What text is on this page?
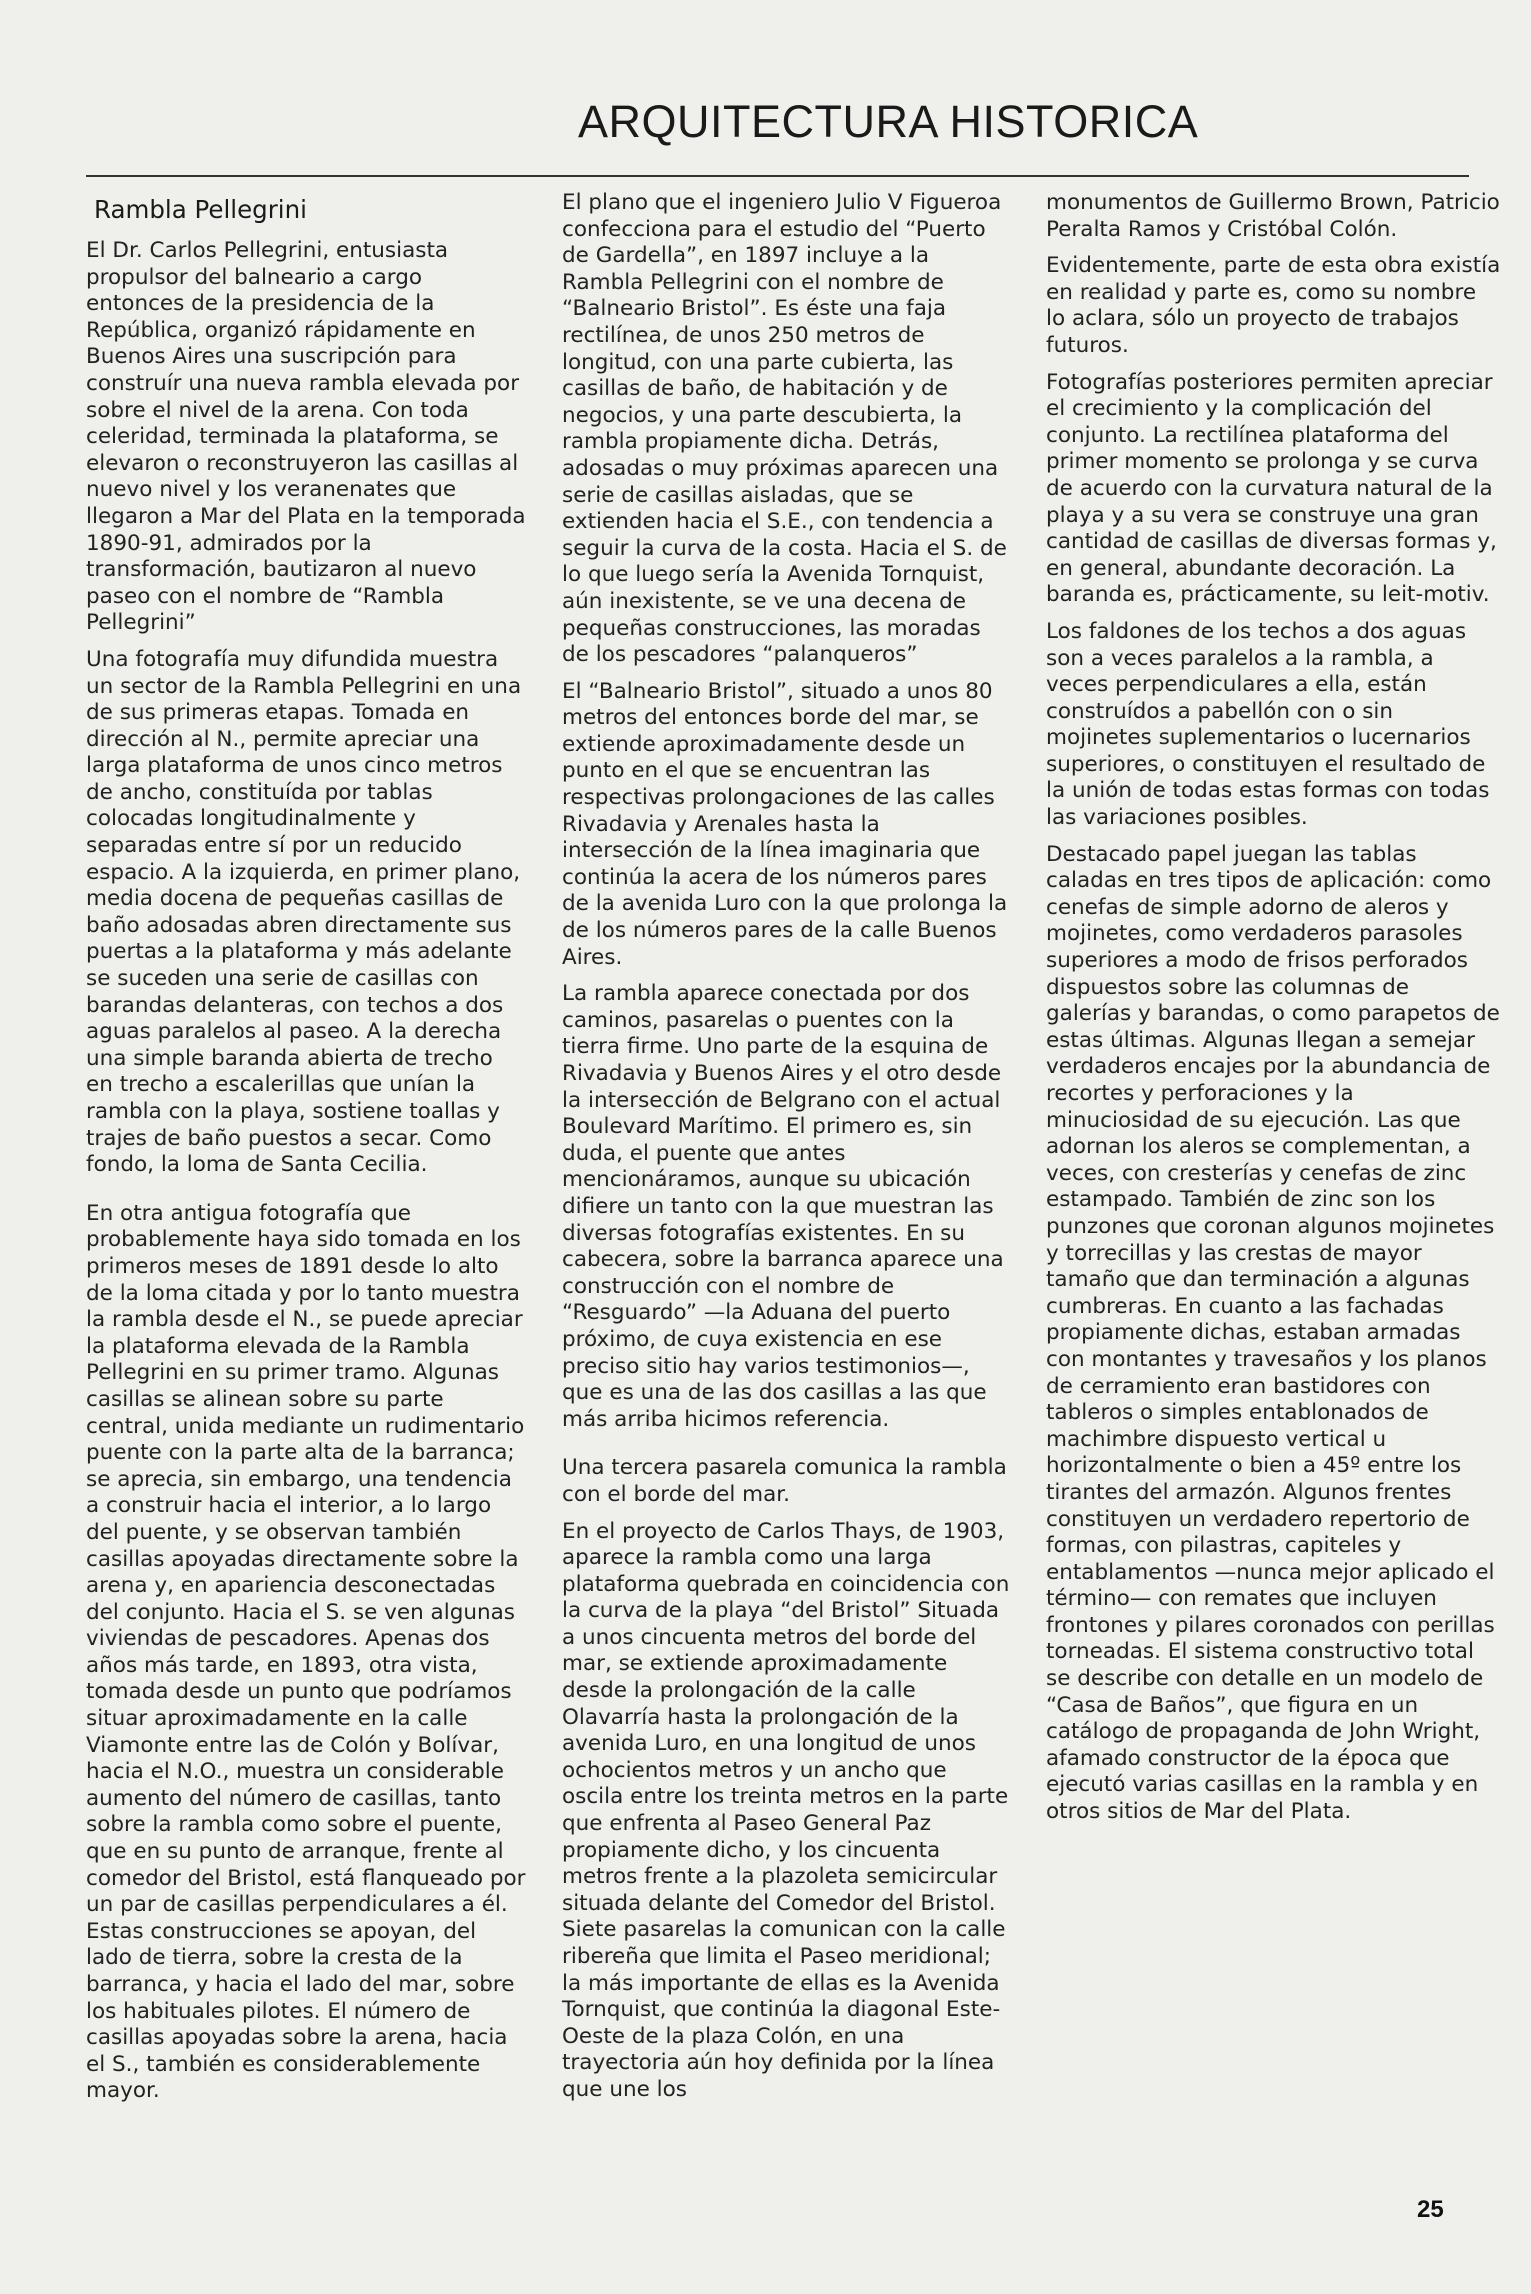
ARQUITECTURA HISTORICA
Rambla Pellegrini

El Dr. Carlos Pellegrini, entusiasta propulsor del balneario a cargo entonces de la presidencia de la República, organizó rápidamente en Buenos Aires una suscripción para construír una nueva rambla elevada por sobre el nivel de la arena. Con toda celeridad, terminada la plataforma, se elevaron o reconstruyeron las casillas al nuevo nivel y los veranenates que llegaron a Mar del Plata en la temporada 1890-91, admirados por la transformación, bautizaron al nuevo paseo con el nombre de “Rambla Pellegrini”

Una fotografía muy difundida muestra un sector de la Rambla Pellegrini en una de sus primeras etapas. Tomada en dirección al N., permite apreciar una larga plataforma de unos cinco metros de ancho, constituída por tablas colocadas longitudinalmente y separadas entre sí por un reducido espacio. A la izquierda, en primer plano, media docena de pequeñas casillas de baño adosadas abren directamente sus puertas a la plataforma y más adelante se suceden una serie de casillas con barandas delanteras, con techos a dos aguas paralelos al paseo. A la derecha una simple baranda abierta de trecho en trecho a escalerillas que unían la rambla con la playa, sostiene toallas y trajes de baño puestos a secar. Como fondo, la loma de Santa Cecilia.

En otra antigua fotografía que probablemente haya sido tomada en los primeros meses de 1891 desde lo alto de la loma citada y por lo tanto muestra la rambla desde el N., se puede apreciar la plataforma elevada de la Rambla Pellegrini en su primer tramo. Algunas casillas se alinean sobre su parte central, unida mediante un rudimentario puente con la parte alta de la barranca; se aprecia, sin embargo, una tendencia a construir hacia el interior, a lo largo del puente, y se observan también casillas apoyadas directamente sobre la arena y, en apariencia desconectadas del conjunto. Hacia el S. se ven algunas viviendas de pescadores. Apenas dos años más tarde, en 1893, otra vista, tomada desde un punto que podríamos situar aproximadamente en la calle Viamonte entre las de Colón y Bolívar, hacia el N.O., muestra un considerable aumento del número de casillas, tanto sobre la rambla como sobre el puente, que en su punto de arranque, frente al comedor del Bristol, está flanqueado por un par de casillas perpendiculares a él. Estas construcciones se apoyan, del lado de tierra, sobre la cresta de la barranca, y hacia el lado del mar, sobre los habituales pilotes. El número de casillas apoyadas sobre la arena, hacia el S., también es considerablemente mayor.

El plano que el ingeniero Julio V Figueroa confecciona para el estudio del “Puerto de Gardella”, en 1897 incluye a la Rambla Pellegrini con el nombre de “Balneario Bristol”. Es éste una faja rectilínea, de unos 250 metros de longitud, con una parte cubierta, las casillas de baño, de habitación y de negocios, y una parte descubierta, la rambla propiamente dicha. Detrás, adosadas o muy próximas aparecen una serie de casillas aisladas, que se extienden hacia el S.E., con tendencia a seguir la curva de la costa. Hacia el S. de lo que luego sería la Avenida Tornquist, aún inexistente, se ve una decena de pequeñas construcciones, las moradas de los pescadores “palanqueros”

El “Balneario Bristol”, situado a unos 80 metros del entonces borde del mar, se extiende aproximadamente desde un punto en el que se encuentran las respectivas prolongaciones de las calles Rivadavia y Arenales hasta la intersección de la línea imaginaria que continúa la acera de los números pares de la avenida Luro con la que prolonga la de los números pares de la calle Buenos Aires.

La rambla aparece conectada por dos caminos, pasarelas o puentes con la tierra firme. Uno parte de la esquina de Rivadavia y Buenos Aires y el otro desde la intersección de Belgrano con el actual Boulevard Marítimo. El primero es, sin duda, el puente que antes mencionáramos, aunque su ubicación difiere un tanto con la que muestran las diversas fotografías existentes. En su cabecera, sobre la barranca aparece una construcción con el nombre de “Resguardo” —la Aduana del puerto próximo, de cuya existencia en ese preciso sitio hay varios testimonios—, que es una de las dos casillas a las que más arriba hicimos referencia.

Una tercera pasarela comunica la rambla con el borde del mar.

En el proyecto de Carlos Thays, de 1903, aparece la rambla como una larga plataforma quebrada en coincidencia con la curva de la playa “del Bristol” Situada a unos cincuenta metros del borde del mar, se extiende aproximadamente desde la prolongación de la calle Olavarría hasta la prolongación de la avenida Luro, en una longitud de unos ochocientos metros y un ancho que oscila entre los treinta metros en la parte que enfrenta al Paseo General Paz propiamente dicho, y los cincuenta metros frente a la plazoleta semicircular situada delante del Comedor del Bristol. Siete pasarelas la comunican con la calle ribereña que limita el Paseo meridional; la más importante de ellas es la Avenida Tornquist, que continúa la diagonal Este-Oeste de la plaza Colón, en una trayectoria aún hoy definida por la línea que une los

monumentos de Guillermo Brown, Patricio Peralta Ramos y Cristóbal Colón.

Evidentemente, parte de esta obra existía en realidad y parte es, como su nombre lo aclara, sólo un proyecto de trabajos futuros.

Fotografías posteriores permiten apreciar el crecimiento y la complicación del conjunto. La rectilínea plataforma del primer momento se prolonga y se curva de acuerdo con la curvatura natural de la playa y a su vera se construye una gran cantidad de casillas de diversas formas y, en general, abundante decoración. La baranda es, prácticamente, su leit-motiv.

Los faldones de los techos a dos aguas son a veces paralelos a la rambla, a veces perpendiculares a ella, están construídos a pabellón con o sin mojinetes suplementarios o lucernarios superiores, o constituyen el resultado de la unión de todas estas formas con todas las variaciones posibles.

Destacado papel juegan las tablas caladas en tres tipos de aplicación: como cenefas de simple adorno de aleros y mojinetes, como verdaderos parasoles superiores a modo de frisos perforados dispuestos sobre las columnas de galerías y barandas, o como parapetos de estas últimas. Algunas llegan a semejar verdaderos encajes por la abundancia de recortes y perforaciones y la minuciosidad de su ejecución. Las que adornan los aleros se complementan, a veces, con cresterías y cenefas de zinc estampado. También de zinc son los punzones que coronan algunos mojinetes y torrecillas y las crestas de mayor tamaño que dan terminación a algunas cumbreras. En cuanto a las fachadas propiamente dichas, estaban armadas con montantes y travesaños y los planos de cerramiento eran bastidores con tableros o simples entablonados de machimbre dispuesto vertical u horizontalmente o bien a 45º entre los tirantes del armazón. Algunos frentes constituyen un verdadero repertorio de formas, con pilastras, capiteles y entablamentos —nunca mejor aplicado el término— con remates que incluyen frontones y pilares coronados con perillas torneadas. El sistema constructivo total se describe con detalle en un modelo de “Casa de Baños”, que figura en un catálogo de propaganda de John Wright, afamado constructor de la época que ejecutó varias casillas en la rambla y en otros sitios de Mar del Plata.

25
